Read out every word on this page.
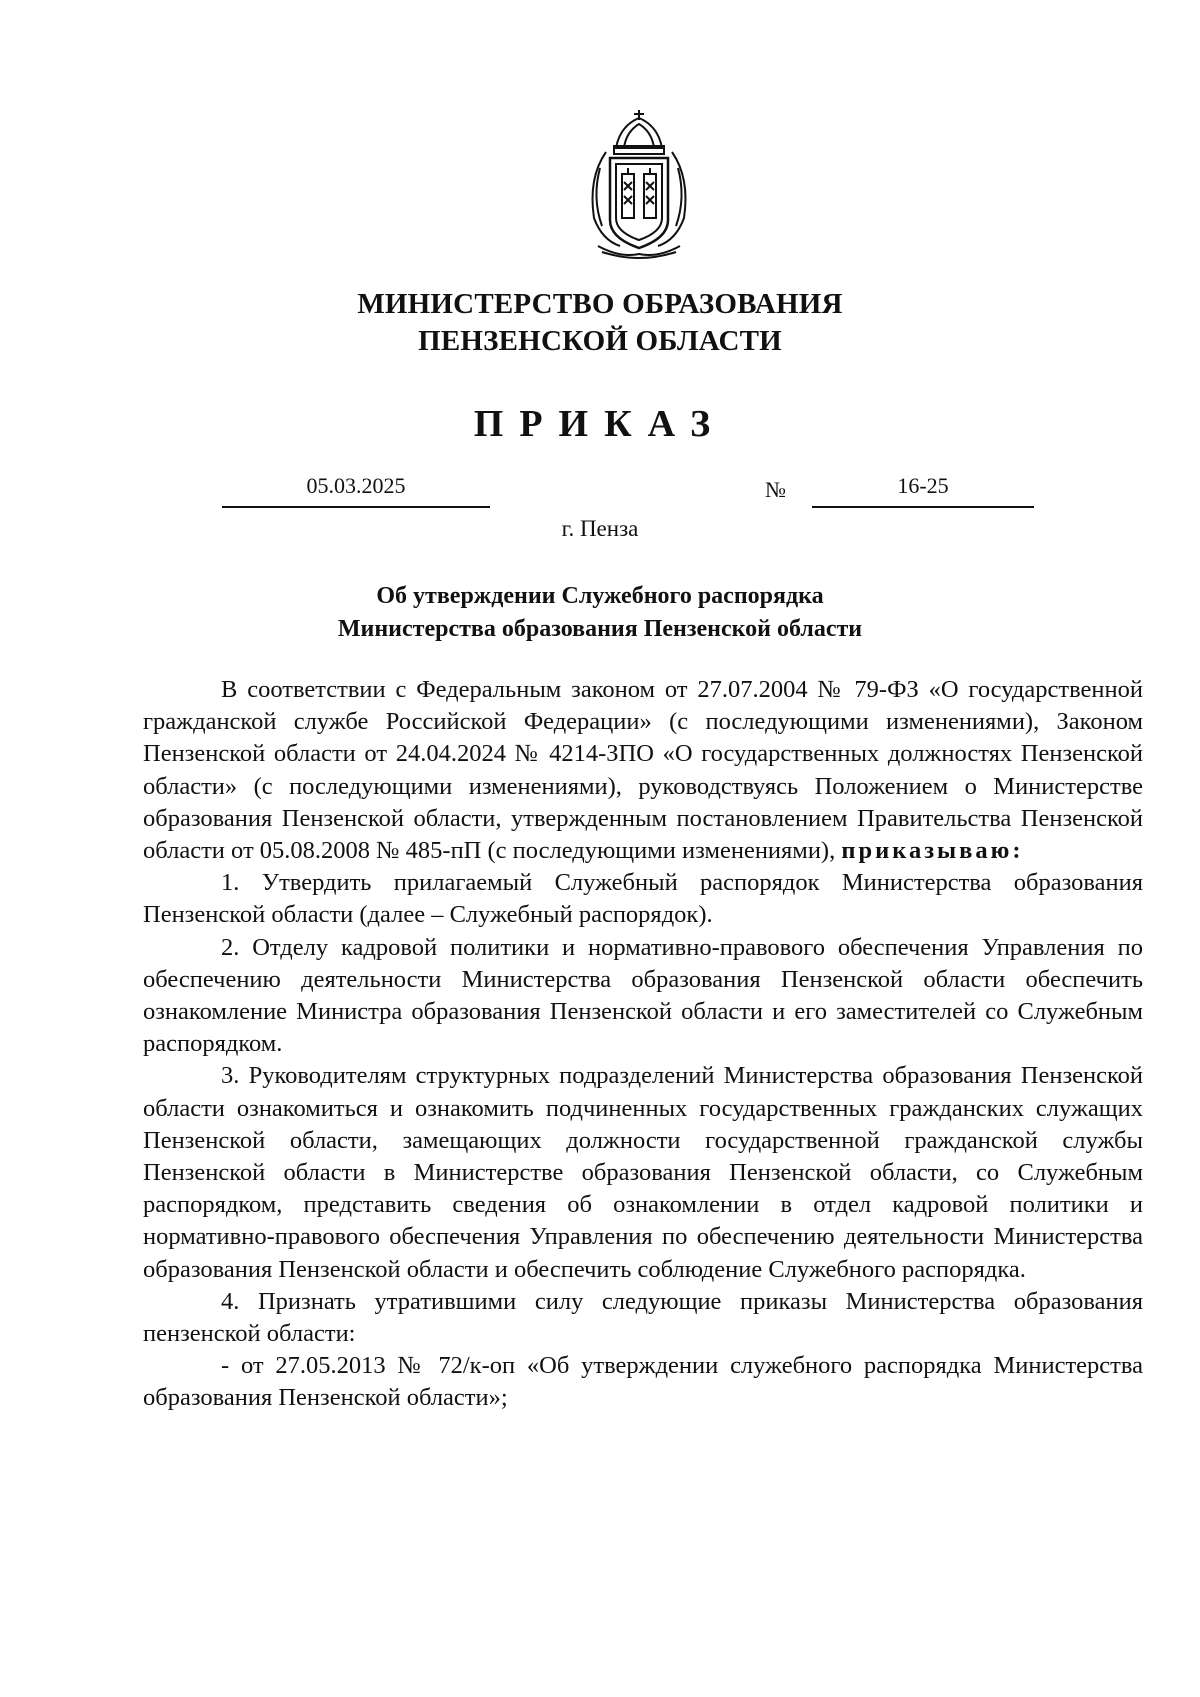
МИНИСТЕРСТВО ОБРАЗОВАНИЯ
ПЕНЗЕНСКОЙ ОБЛАСТИ
ПРИКАЗ
05.03.2025	№	16-25
г. Пенза
Об утверждении Служебного распорядка
Министерства образования Пензенской области

В соответствии с Федеральным законом от 27.07.2004 № 79-ФЗ «О государственной гражданской службе Российской Федерации» (с последующими изменениями), Законом Пензенской области от 24.04.2024 № 4214-ЗПО «О государственных должностях Пензенской области» (с последующими изменениями), руководствуясь Положением о Министерстве образования Пензенской области, утвержденным постановлением Правительства Пензенской области от 05.08.2008 № 485-пП (с последующими изменениями), приказываю:

1. Утвердить прилагаемый Служебный распорядок Министерства образования Пензенской области (далее – Служебный распорядок).

2. Отделу кадровой политики и нормативно-правового обеспечения Управления по обеспечению деятельности Министерства образования Пензенской области обеспечить ознакомление Министра образования Пензенской области и его заместителей со Служебным распорядком.

3. Руководителям структурных подразделений Министерства образования Пензенской области ознакомиться и ознакомить подчиненных государственных гражданских служащих Пензенской области, замещающих должности государственной гражданской службы Пензенской области в Министерстве образования Пензенской области, со Служебным распорядком, представить сведения об ознакомлении в отдел кадровой политики и нормативно-правового обеспечения Управления по обеспечению деятельности Министерства образования Пензенской области и обеспечить соблюдение Служебного распорядка.

4. Признать утратившими силу следующие приказы Министерства образования пензенской области:

- от 27.05.2013 № 72/к-оп «Об утверждении служебного распорядка Министерства образования Пензенской области»;
